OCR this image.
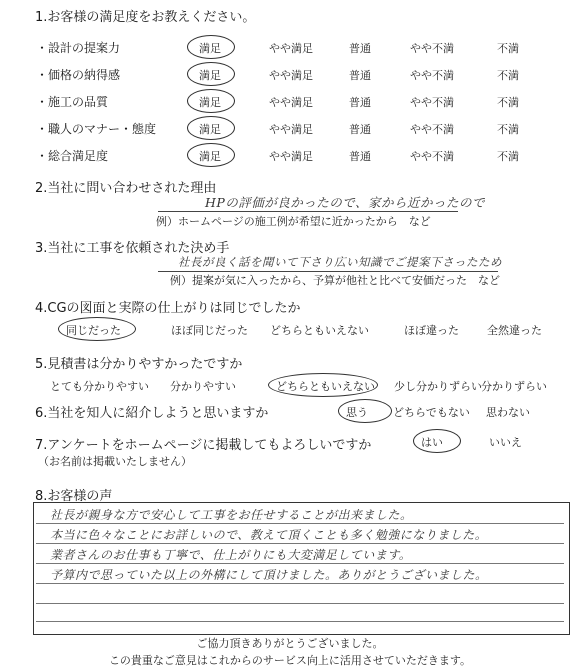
1.お客様の満足度をお教えください。
・設計の提案力	満足	やや満足	普通	やや不満	不満
・価格の納得感	満足	やや満足	普通	やや不満	不満
・施工の品質	満足	やや満足	普通	やや不満	不満
・職人のマナー・態度	満足	やや満足	普通	やや不満	不満
・総合満足度	満足	やや満足	普通	やや不満	不満
2.当社に問い合わせされた理由
HPの評価が良かったので、家から近かったので
例）ホームページの施工例が希望に近かったから　など
3.当社に工事を依頼された決め手
社長が良く話を聞いて下さり広い知識でご提案下さったため
例）提案が気に入ったから、予算が他社と比べて安価だった　など
4.CGの図面と実際の仕上がりは同じでしたか
同じだった	ほぼ同じだった どちらともいえない	ほぼ違った	全然違った
5.見積書は分かりやすかったですか
とても分かりやすい 分かりやすい	どちらともいえない 少し分かりずらい 分かりずらい
6.当社を知人に紹介しようと思いますか	思う どちらでもない 思わない
7.アンケートをホームページに掲載してもよろしいですか
（お名前は掲載いたしません）
はい	いいえ
8.お客様の声
社長が親身な方で安心して工事をお任せすることが出来ました。
本当に色々なことにお詳しいので、教えて頂くことも多く勉強になりました。
業者さんのお仕事も丁寧で、仕上がりにも大変満足しています。
予算内で思っていた以上の外構にして頂けました。ありがとうございました。
ご協力頂きありがとうございました。
この貴重なご意見はこれからのサービス向上に活用させていただきます。
